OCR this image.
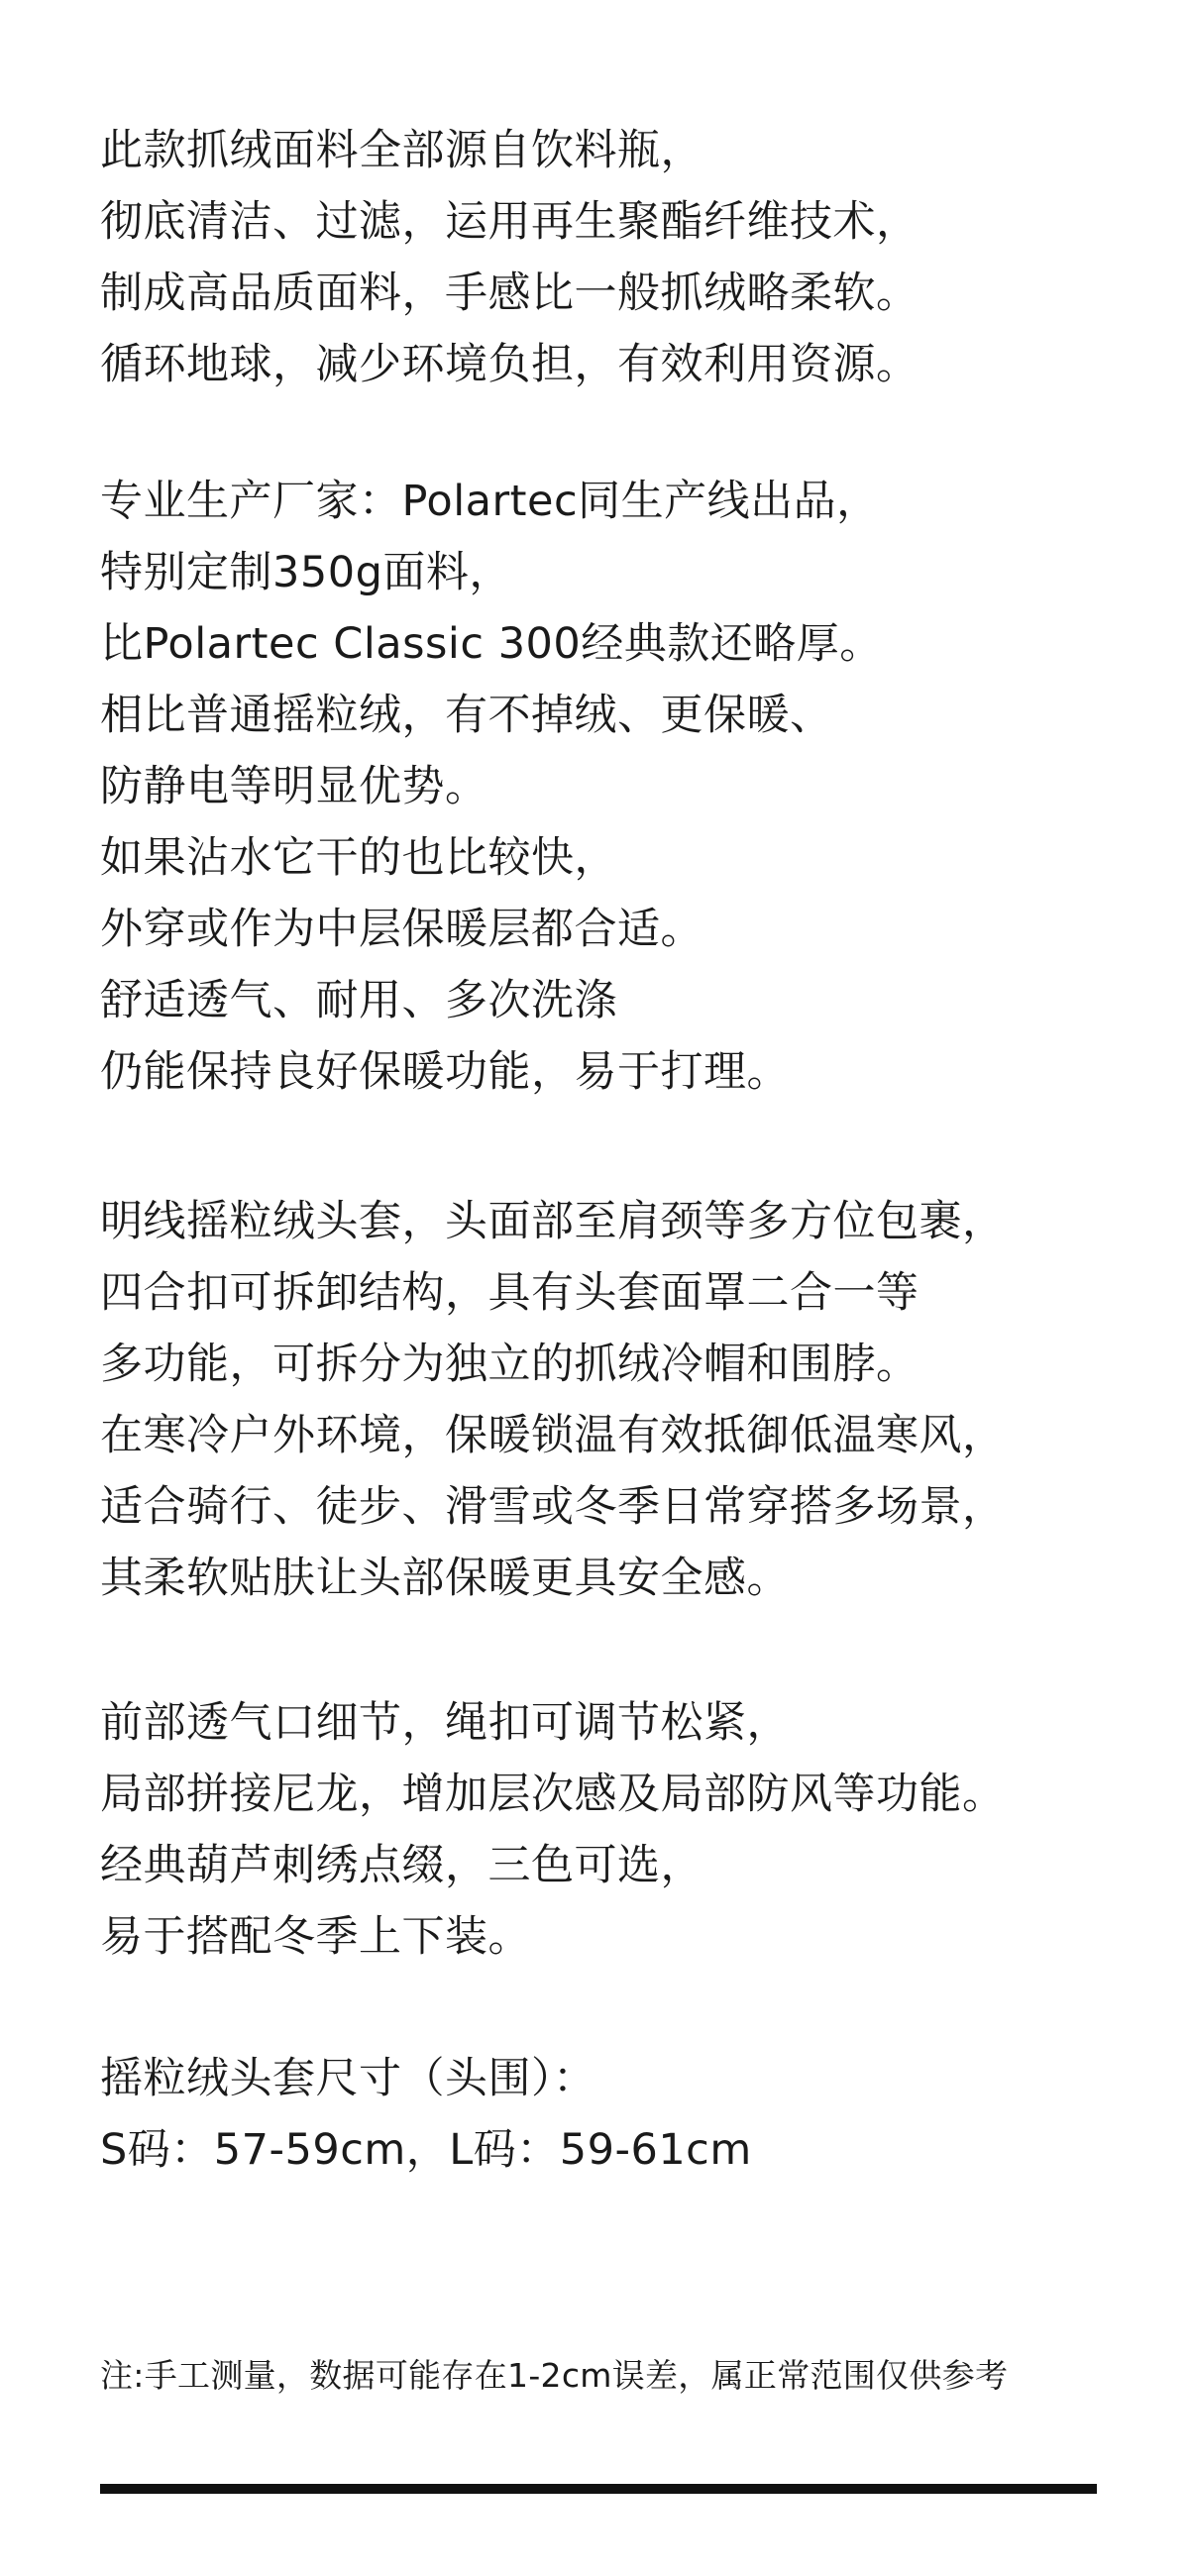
此款抓绒面料全部源自饮料瓶，
彻底清洁、过滤，运用再生聚酯纤维技术，
制成高品质面料，手感比一般抓绒略柔软。
循环地球，减少环境负担，有效利用资源。
专业生产厂家：Polartec同生产线出品，
特别定制350g面料，
比Polartec Classic 300经典款还略厚。
相比普通摇粒绒，有不掉绒、更保暖、
防静电等明显优势。
如果沾水它干的也比较快，
外穿或作为中层保暖层都合适。
舒适透气、耐用、多次洗涤
仍能保持良好保暖功能，易于打理。
明线摇粒绒头套，头面部至肩颈等多方位包裹，
四合扣可拆卸结构，具有头套面罩二合一等
多功能，可拆分为独立的抓绒冷帽和围脖。
在寒冷户外环境，保暖锁温有效抵御低温寒风，
适合骑行、徒步、滑雪或冬季日常穿搭多场景，
其柔软贴肤让头部保暖更具安全感。
前部透气口细节，绳扣可调节松紧，
局部拼接尼龙，增加层次感及局部防风等功能。
经典葫芦刺绣点缀，三色可选，
易于搭配冬季上下装。
摇粒绒头套尺寸（头围）：
S码：57-59cm，L码：59-61cm
注:手工测量，数据可能存在1-2cm误差，属正常范围仅供参考
